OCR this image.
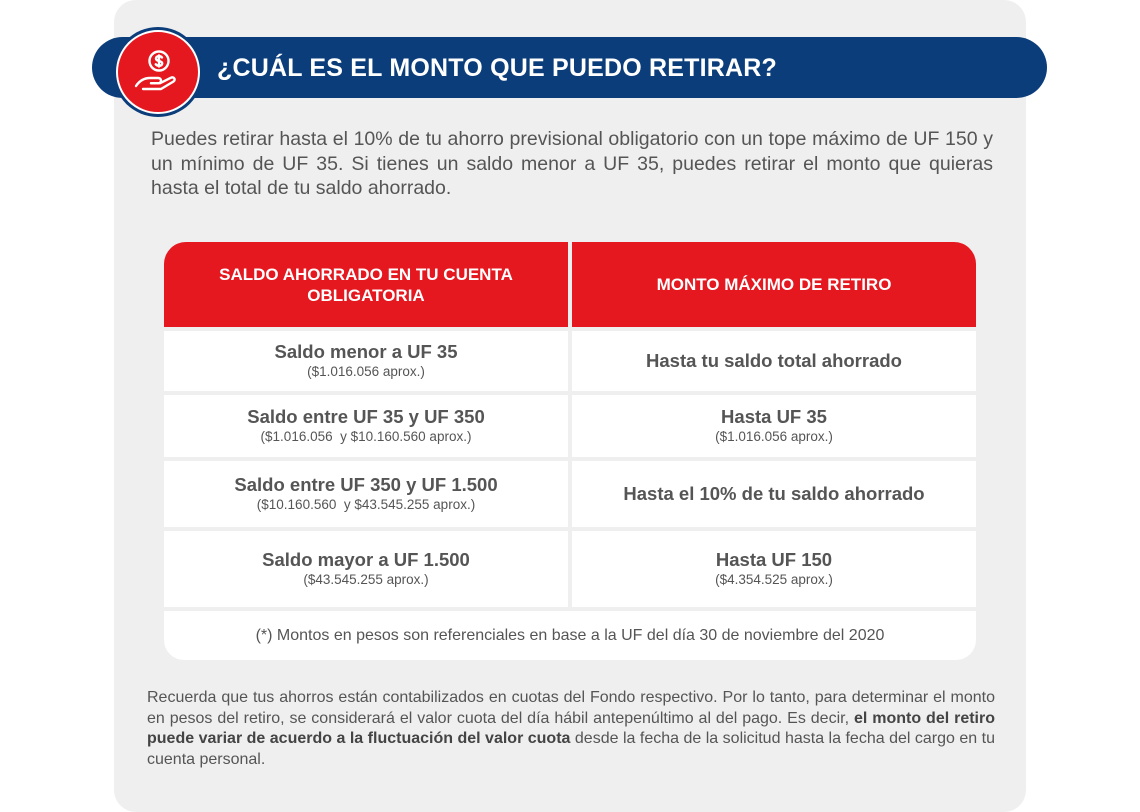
¿CUÁL ES EL MONTO QUE PUEDO RETIRAR?
Puedes retirar hasta el 10% de tu ahorro previsional obligatorio con un tope máximo de UF 150 y un mínimo de UF 35. Si tienes un saldo menor a UF 35, puedes retirar el monto que quieras hasta el total de tu saldo ahorrado.
SALDO AHORRADO EN TU CUENTA OBLIGATORIA
MONTO MÁXIMO DE RETIRO
Saldo menor a UF 35
($1.016.056 aprox.)
Hasta tu saldo total ahorrado
Saldo entre UF 35 y UF 350
($1.016.056  y $10.160.560 aprox.)
Hasta UF 35
($1.016.056 aprox.)
Saldo entre UF 350 y UF 1.500
($10.160.560  y $43.545.255 aprox.)
Hasta el 10% de tu saldo ahorrado
Saldo mayor a UF 1.500
($43.545.255 aprox.)
Hasta UF 150
($4.354.525 aprox.)
(*) Montos en pesos son referenciales en base a la UF del día 30 de noviembre del 2020
Recuerda que tus ahorros están contabilizados en cuotas del Fondo respectivo. Por lo tanto, para determinar el monto en pesos del retiro, se considerará el valor cuota del día hábil antepenúltimo al del pago. Es decir, el monto del retiro puede variar de acuerdo a la fluctuación del valor cuota desde la fecha de la solicitud hasta la fecha del cargo en tu cuenta personal.
